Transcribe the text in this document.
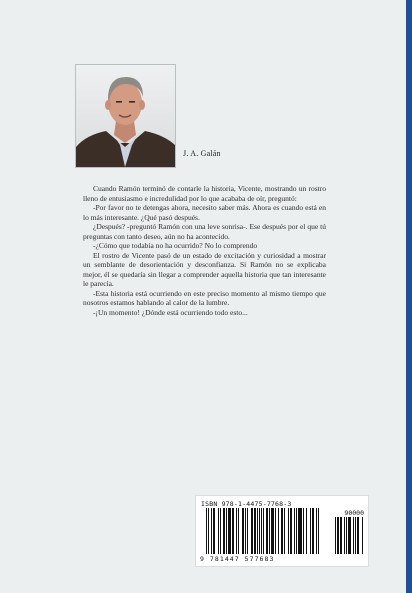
J. A. Galán

Cuando Ramón terminó de contarle la historia, Vicente, mostrando un rostro lleno de entusiasmo e incredulidad por lo que acababa de oír, preguntó:

-Por favor no te detengas ahora, necesito saber más. Ahora es cuando está en lo más interesante. ¿Qué pasó después.

¿Después? -preguntó Ramón con una leve sonrisa-. Ese después por el que tú preguntas con tanto deseo, aún no ha acontecido.

-¿Cómo que todabía no ha ocurrido? No lo comprendo

El rostro de Vicente pasó de un estado de excitación y curiosidad a mostrar un semblante de desorientación y desconfianza. Si Ramón no se explicaba mejor, él se quedaría sin llegar a comprender aquella historia que tan interesante le parecía.

-Esta historia está ocurriendo en este preciso momento al mismo tiempo que nosotros estamos hablando al calor de la lumbre.

-¡Un momento! ¿Dónde está ocurriendo todo esto...

ISBN 978-1-4475-7768-3
90000
9 781447 577683
